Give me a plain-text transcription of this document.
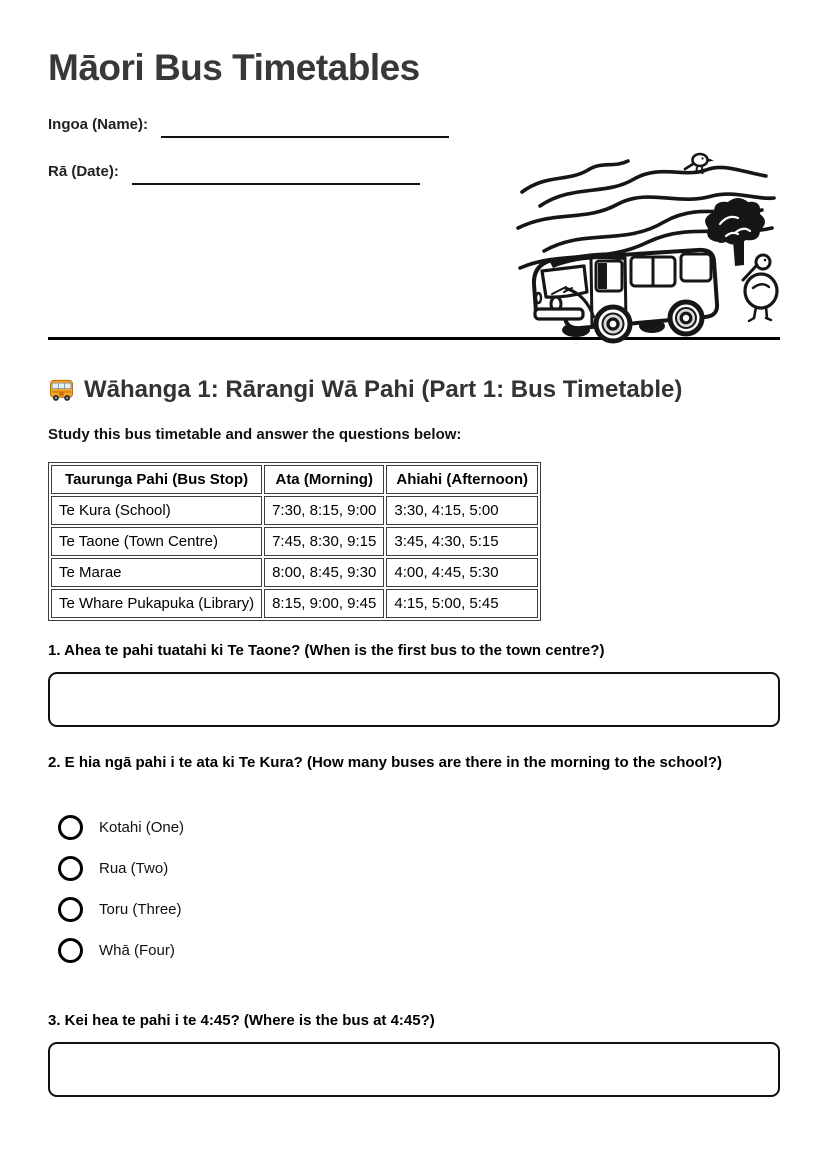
Māori Bus Timetables
Ingoa (Name):
Rā (Date):
Wāhanga 1: Rārangi Wā Pahi (Part 1: Bus Timetable)
Study this bus timetable and answer the questions below:
Taurunga Pahi (Bus Stop)	Ata (Morning)	Ahiahi (Afternoon)
Te Kura (School)	7:30, 8:15, 9:00	3:30, 4:15, 5:00
Te Taone (Town Centre)	7:45, 8:30, 9:15	3:45, 4:30, 5:15
Te Marae	8:00, 8:45, 9:30	4:00, 4:45, 5:30
Te Whare Pukapuka (Library)	8:15, 9:00, 9:45	4:15, 5:00, 5:45
1. Ahea te pahi tuatahi ki Te Taone? (When is the first bus to the town centre?)
2. E hia ngā pahi i te ata ki Te Kura? (How many buses are there in the morning to the school?)
Kotahi (One)
Rua (Two)
Toru (Three)
Whā (Four)
3. Kei hea te pahi i te 4:45? (Where is the bus at 4:45?)
